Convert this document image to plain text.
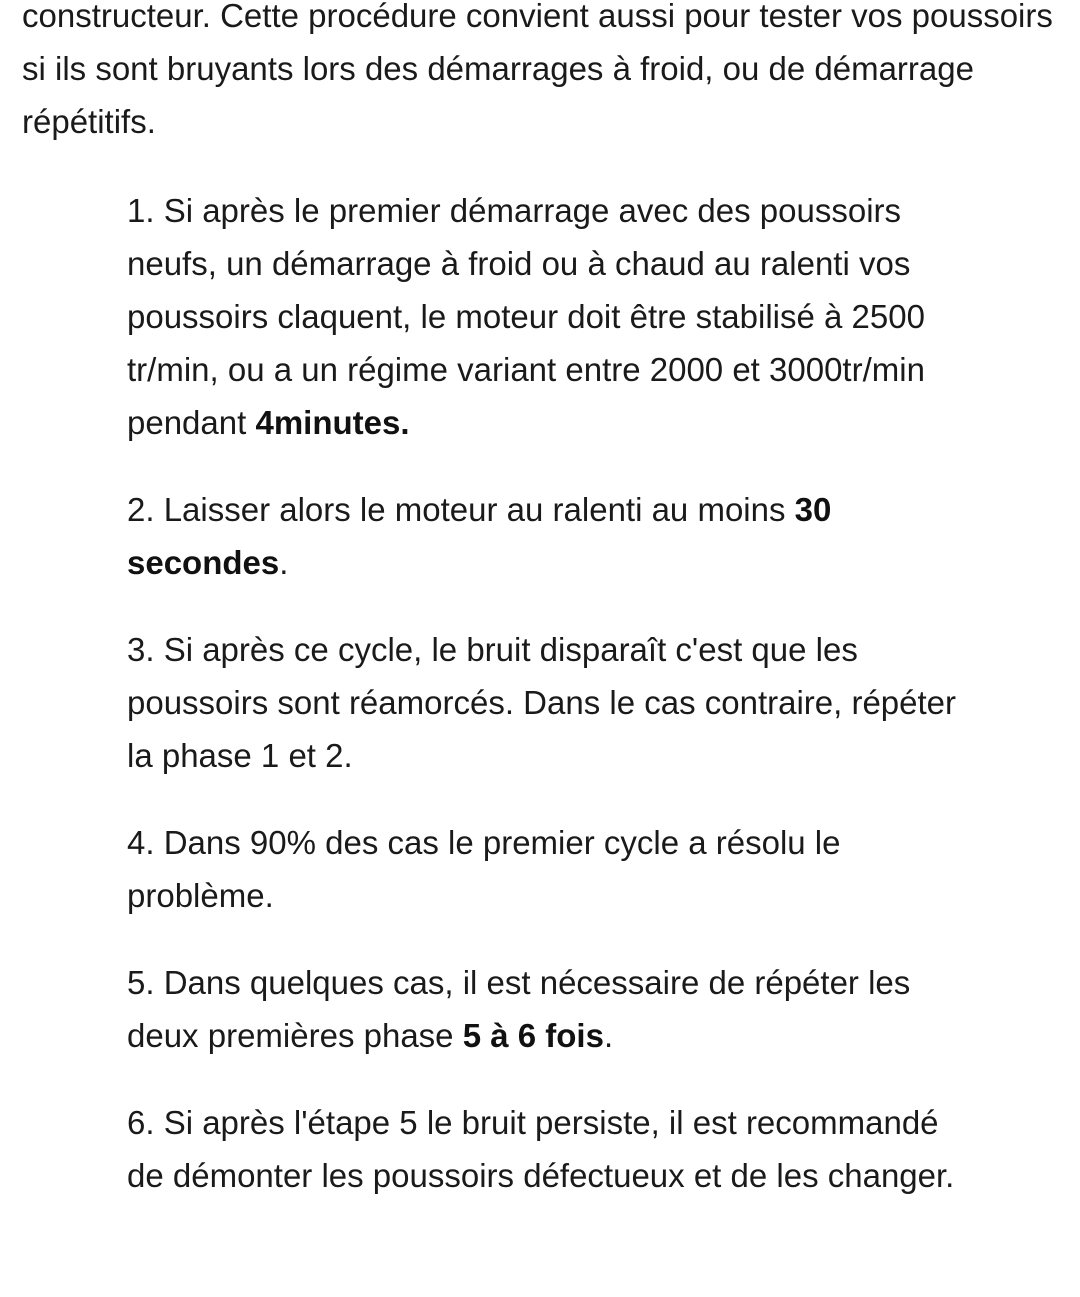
constructeur. Cette procédure convient aussi pour tester vos poussoirs si ils sont bruyants lors des démarrages à froid, ou de démarrage répétitifs.

1. Si après le premier démarrage avec des poussoirs neufs, un démarrage à froid ou à chaud au ralenti vos poussoirs claquent, le moteur doit être stabilisé à 2500 tr/min, ou a un régime variant entre 2000 et 3000tr/min pendant 4minutes.
2. Laisser alors le moteur au ralenti au moins 30 secondes.
3. Si après ce cycle, le bruit disparaît c'est que les poussoirs sont réamorcés. Dans le cas contraire, répéter la phase 1 et 2.
4. Dans 90% des cas le premier cycle a résolu le problème.
5. Dans quelques cas, il est nécessaire de répéter les deux premières phase 5 à 6 fois.
6. Si après l'étape 5 le bruit persiste, il est recommandé de démonter les poussoirs défectueux et de les changer.
